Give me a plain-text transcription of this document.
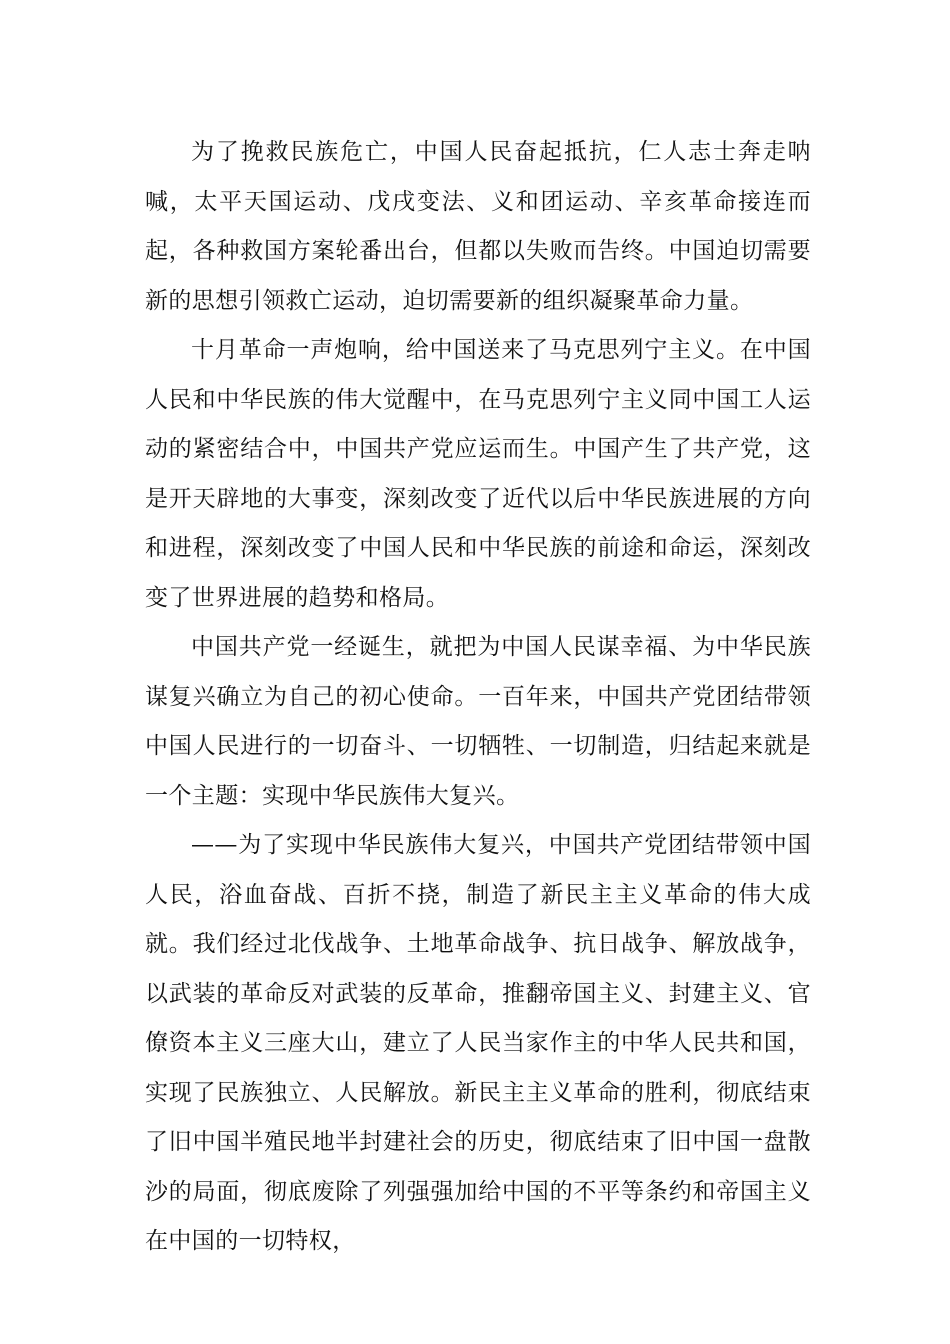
为了挽救民族危亡，中国人民奋起抵抗，仁人志士奔走呐喊，太平天国运动、戊戌变法、义和团运动、辛亥革命接连而起，各种救国方案轮番出台，但都以失败而告终。中国迫切需要新的思想引领救亡运动，迫切需要新的组织凝聚革命力量。

十月革命一声炮响，给中国送来了马克思列宁主义。在中国人民和中华民族的伟大觉醒中，在马克思列宁主义同中国工人运动的紧密结合中，中国共产党应运而生。中国产生了共产党，这是开天辟地的大事变，深刻改变了近代以后中华民族进展的方向和进程，深刻改变了中国人民和中华民族的前途和命运，深刻改变了世界进展的趋势和格局。

中国共产党一经诞生，就把为中国人民谋幸福、为中华民族谋复兴确立为自己的初心使命。一百年来，中国共产党团结带领中国人民进行的一切奋斗、一切牺牲、一切制造，归结起来就是一个主题：实现中华民族伟大复兴。

——为了实现中华民族伟大复兴，中国共产党团结带领中国人民，浴血奋战、百折不挠，制造了新民主主义革命的伟大成就。我们经过北伐战争、土地革命战争、抗日战争、解放战争，以武装的革命反对武装的反革命，推翻帝国主义、封建主义、官僚资本主义三座大山，建立了人民当家作主的中华人民共和国，实现了民族独立、人民解放。新民主主义革命的胜利，彻底结束了旧中国半殖民地半封建社会的历史，彻底结束了旧中国一盘散沙的局面，彻底废除了列强强加给中国的不平等条约和帝国主义在中国的一切特权，
